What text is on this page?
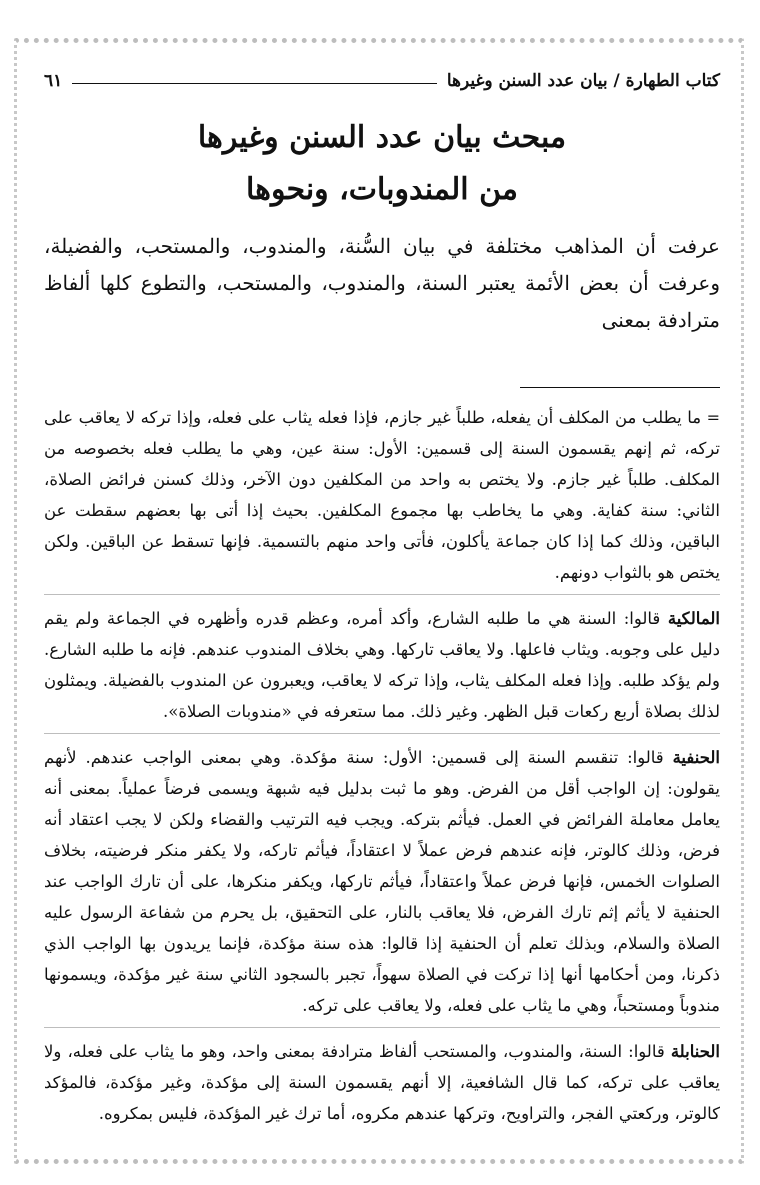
كتاب الطهارة / بيان عدد السنن وغيرها
٦١
مبحث بيان عدد السنن وغيرها
من المندوبات، ونحوها

عرفت أن المذاهب مختلفة في بيان السُّنة، والمندوب، والمستحب، والفضيلة، وعرفت أن بعض الأئمة يعتبر السنة، والمندوب، والمستحب، والتطوع كلها ألفاظ مترادفة بمعنى

= ما يطلب من المكلف أن يفعله، طلباً غير جازم، فإذا فعله يثاب على فعله، وإذا تركه لا يعاقب على تركه، ثم إنهم يقسمون السنة إلى قسمين: الأول: سنة عين، وهي ما يطلب فعله بخصوصه من المكلف. طلباً غير جازم. ولا يختص به واحد من المكلفين دون الآخر، وذلك كسنن فرائض الصلاة، الثاني: سنة كفاية. وهي ما يخاطب بها مجموع المكلفين. بحيث إذا أتى بها بعضهم سقطت عن الباقين، وذلك كما إذا كان جماعة يأكلون، فأتى واحد منهم بالتسمية. فإنها تسقط عن الباقين. ولكن يختص هو بالثواب دونهم.

المالكية قالوا: السنة هي ما طلبه الشارع، وأكد أمره، وعظم قدره وأظهره في الجماعة ولم يقم دليل على وجوبه. ويثاب فاعلها. ولا يعاقب تاركها. وهي بخلاف المندوب عندهم. فإنه ما طلبه الشارع. ولم يؤكد طلبه. وإذا فعله المكلف يثاب، وإذا تركه لا يعاقب، ويعبرون عن المندوب بالفضيلة. ويمثلون لذلك بصلاة أربع ركعات قبل الظهر. وغير ذلك. مما ستعرفه في «مندوبات الصلاة».

الحنفية قالوا: تنقسم السنة إلى قسمين: الأول: سنة مؤكدة. وهي بمعنى الواجب عندهم. لأنهم يقولون: إن الواجب أقل من الفرض. وهو ما ثبت بدليل فيه شبهة ويسمى فرضاً عملياً. بمعنى أنه يعامل معاملة الفرائض في العمل. فيأثم بتركه. ويجب فيه الترتيب والقضاء ولكن لا يجب اعتقاد أنه فرض، وذلك كالوتر، فإنه عندهم فرض عملاً لا اعتقاداً، فيأثم تاركه، ولا يكفر منكر فرضيته، بخلاف الصلوات الخمس، فإنها فرض عملاً واعتقاداً، فيأثم تاركها، ويكفر منكرها، على أن تارك الواجب عند الحنفية لا يأثم إثم تارك الفرض، فلا يعاقب بالنار، على التحقيق، بل يحرم من شفاعة الرسول عليه الصلاة والسلام، وبذلك تعلم أن الحنفية إذا قالوا: هذه سنة مؤكدة، فإنما يريدون بها الواجب الذي ذكرنا، ومن أحكامها أنها إذا تركت في الصلاة سهواً، تجبر بالسجود الثاني سنة غير مؤكدة، ويسمونها مندوباً ومستحباً، وهي ما يثاب على فعله، ولا يعاقب على تركه.

الحنابلة قالوا: السنة، والمندوب، والمستحب ألفاظ مترادفة بمعنى واحد، وهو ما يثاب على فعله، ولا يعاقب على تركه، كما قال الشافعية، إلا أنهم يقسمون السنة إلى مؤكدة، وغير مؤكدة، فالمؤكد كالوتر، وركعتي الفجر، والتراويح، وتركها عندهم مكروه، أما ترك غير المؤكدة، فليس بمكروه.
